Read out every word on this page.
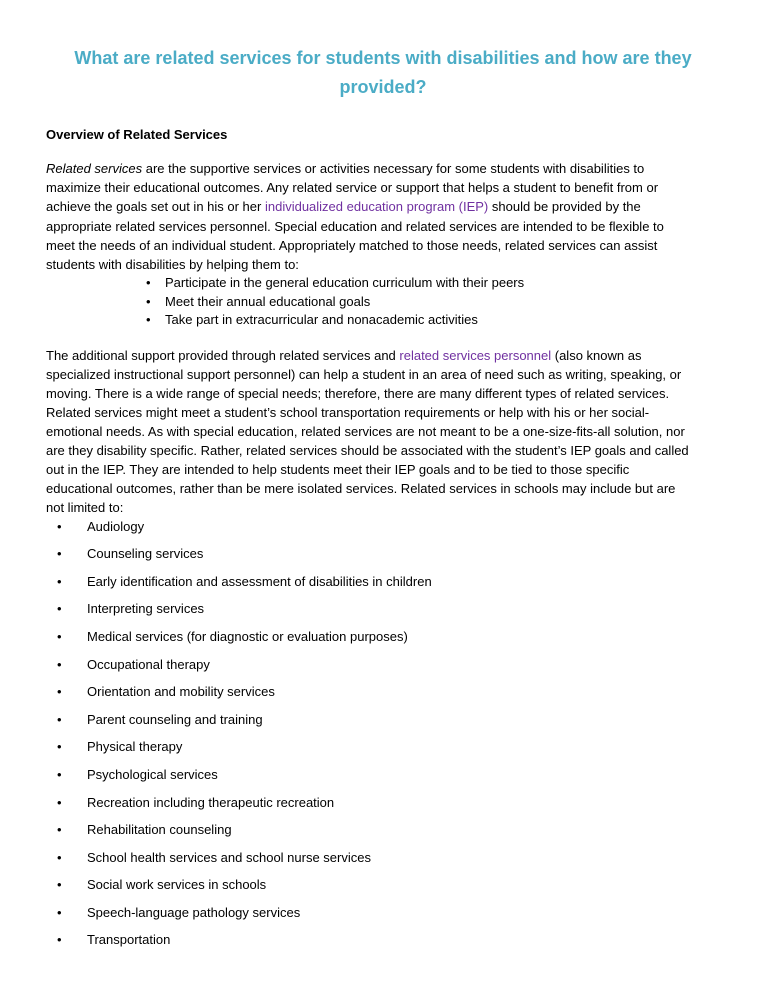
What are related services for students with disabilities and how are they provided?
Overview of Related Services

Related services are the supportive services or activities necessary for some students with disabilities to maximize their educational outcomes. Any related service or support that helps a student to benefit from or achieve the goals set out in his or her individualized education program (IEP) should be provided by the appropriate related services personnel. Special education and related services are intended to be flexible to meet the needs of an individual student. Appropriately matched to those needs, related services can assist students with disabilities by helping them to:

• Participate in the general education curriculum with their peers
• Meet their annual educational goals
• Take part in extracurricular and nonacademic activities

The additional support provided through related services and related services personnel (also known as specialized instructional support personnel) can help a student in an area of need such as writing, speaking, or moving. There is a wide range of special needs; therefore, there are many different types of related services. Related services might meet a student’s school transportation requirements or help with his or her social-emotional needs. As with special education, related services are not meant to be a one-size-fits-all solution, nor are they disability specific. Rather, related services should be associated with the student’s IEP goals and called out in the IEP. They are intended to help students meet their IEP goals and to be tied to those specific educational outcomes, rather than be mere isolated services. Related services in schools may include but are not limited to:

• Audiology
• Counseling services
• Early identification and assessment of disabilities in children
• Interpreting services
• Medical services (for diagnostic or evaluation purposes)
• Occupational therapy
• Orientation and mobility services
• Parent counseling and training
• Physical therapy
• Psychological services
• Recreation including therapeutic recreation
• Rehabilitation counseling
• School health services and school nurse services
• Social work services in schools
• Speech-language pathology services
• Transportation
